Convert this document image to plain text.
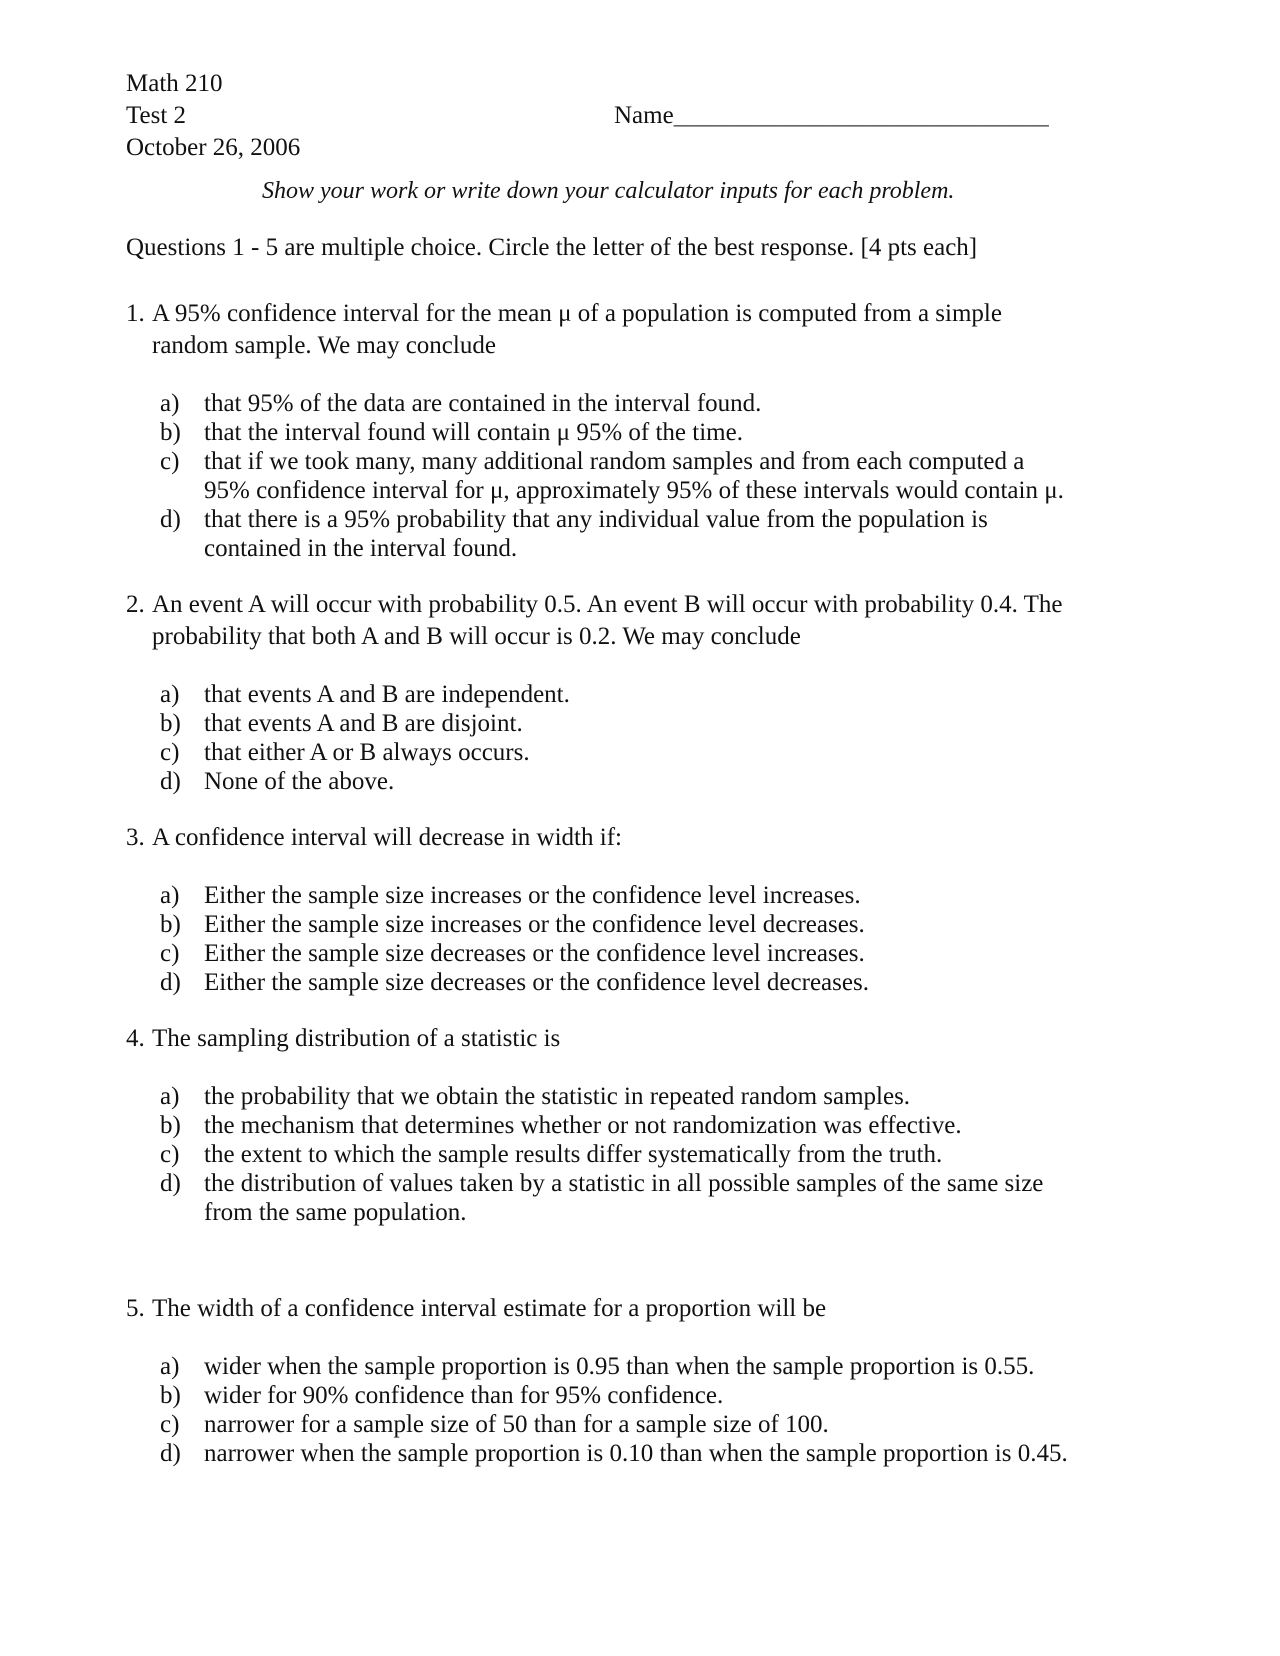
Math 210
Test 2
October 26, 2006
Name______________________________
Show your work or write down your calculator inputs for each problem.
Questions 1 - 5 are multiple choice. Circle the letter of the best response. [4 pts each]
1. A 95% confidence interval for the mean μ of a population is computed from a simple random sample. We may conclude
a) that 95% of the data are contained in the interval found.
b) that the interval found will contain μ 95% of the time.
c) that if we took many, many additional random samples and from each computed a 95% confidence interval for μ, approximately 95% of these intervals would contain μ.
d) that there is a 95% probability that any individual value from the population is contained in the interval found.
2. An event A will occur with probability 0.5. An event B will occur with probability 0.4. The probability that both A and B will occur is 0.2. We may conclude
a) that events A and B are independent.
b) that events A and B are disjoint.
c) that either A or B always occurs.
d) None of the above.
3. A confidence interval will decrease in width if:
a) Either the sample size increases or the confidence level increases.
b) Either the sample size increases or the confidence level decreases.
c) Either the sample size decreases or the confidence level increases.
d) Either the sample size decreases or the confidence level decreases.
4. The sampling distribution of a statistic is
a) the probability that we obtain the statistic in repeated random samples.
b) the mechanism that determines whether or not randomization was effective.
c) the extent to which the sample results differ systematically from the truth.
d) the distribution of values taken by a statistic in all possible samples of the same size from the same population.
5. The width of a confidence interval estimate for a proportion will be
a) wider when the sample proportion is 0.95 than when the sample proportion is 0.55.
b) wider for 90% confidence than for 95% confidence.
c) narrower for a sample size of 50 than for a sample size of 100.
d) narrower when the sample proportion is 0.10 than when the sample proportion is 0.45.
